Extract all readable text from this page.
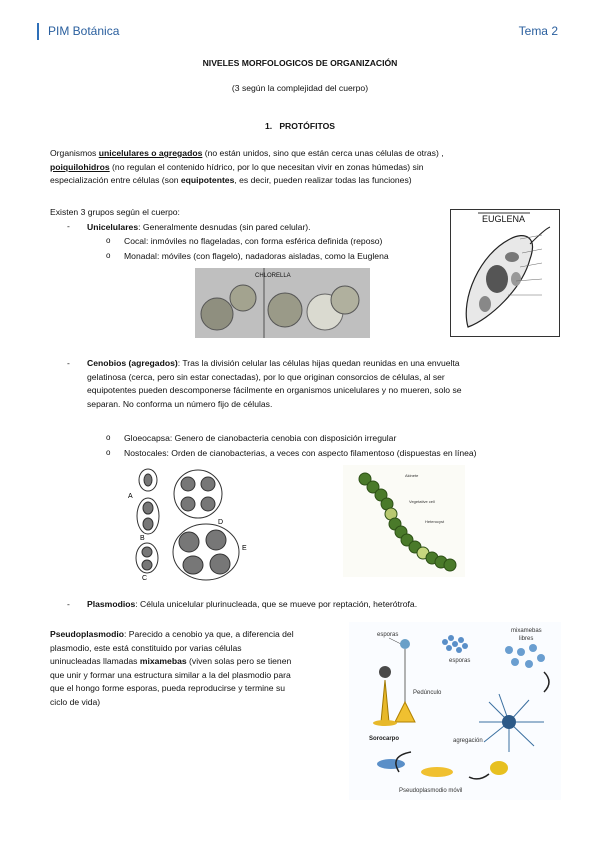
PIM Botánica	Tema 2
NIVELES MORFOLOGICOS DE ORGANIZACIÓN
(3 según la complejidad del cuerpo)
1. PROTÓFITOS
Organismos unicelulares o agregados (no están unidos, sino que están cerca unas células de otras) ,
poiquilohidros (no regulan el contenido hídrico, por lo que necesitan vivir en zonas húmedas) sin
especialización entre células (son equipotentes, es decir, pueden realizar todas las funciones)
Existen 3 grupos según el cuerpo:
- Unicelulares: Generalmente desnudas (sin pared celular).
o Cocal: inmóviles no flageladas, con forma esférica definida (reposo)
o Monadal: móviles (con flagelo), nadadoras aisladas, como la Euglena
EUGLENA
CHLORELLA
- Cenobios (agregados): Tras la división celular las células hijas quedan reunidas en una envuelta
gelatinosa (cerca, pero sin estar conectadas), por lo que originan consorcios de células, al ser
equipotentes pueden descomponerse fácilmente en organismos unicelulares y no mueren, solo se
separan. No conforma un número fijo de células.
o Gloeocapsa: Genero de cianobacteria cenobia con disposición irregular
o Nostocales: Orden de cianobacterias, a veces con aspecto filamentoso (dispuestas en línea)
A
B
C
D
E
Akinete
Vegetative cell
Heterocyst
- Plasmodios: Célula unicelular plurinucleada, que se mueve por reptación, heterótrofa.
Pseudoplasmodio: Parecido a cenobio ya que, a diferencia del
plasmodio, este está constituido por varias células
uninucleadas llamadas mixamebas (viven solas pero se tienen
que unir y formar una estructura similar a la del plasmodio para
que el hongo forme esporas, pueda reproducirse y termine su
ciclo de vida)
esporas
Pedúnculo
Sorocarpo
esporas
mixamebas
libres
agregación
Pseudoplasmodio móvil
